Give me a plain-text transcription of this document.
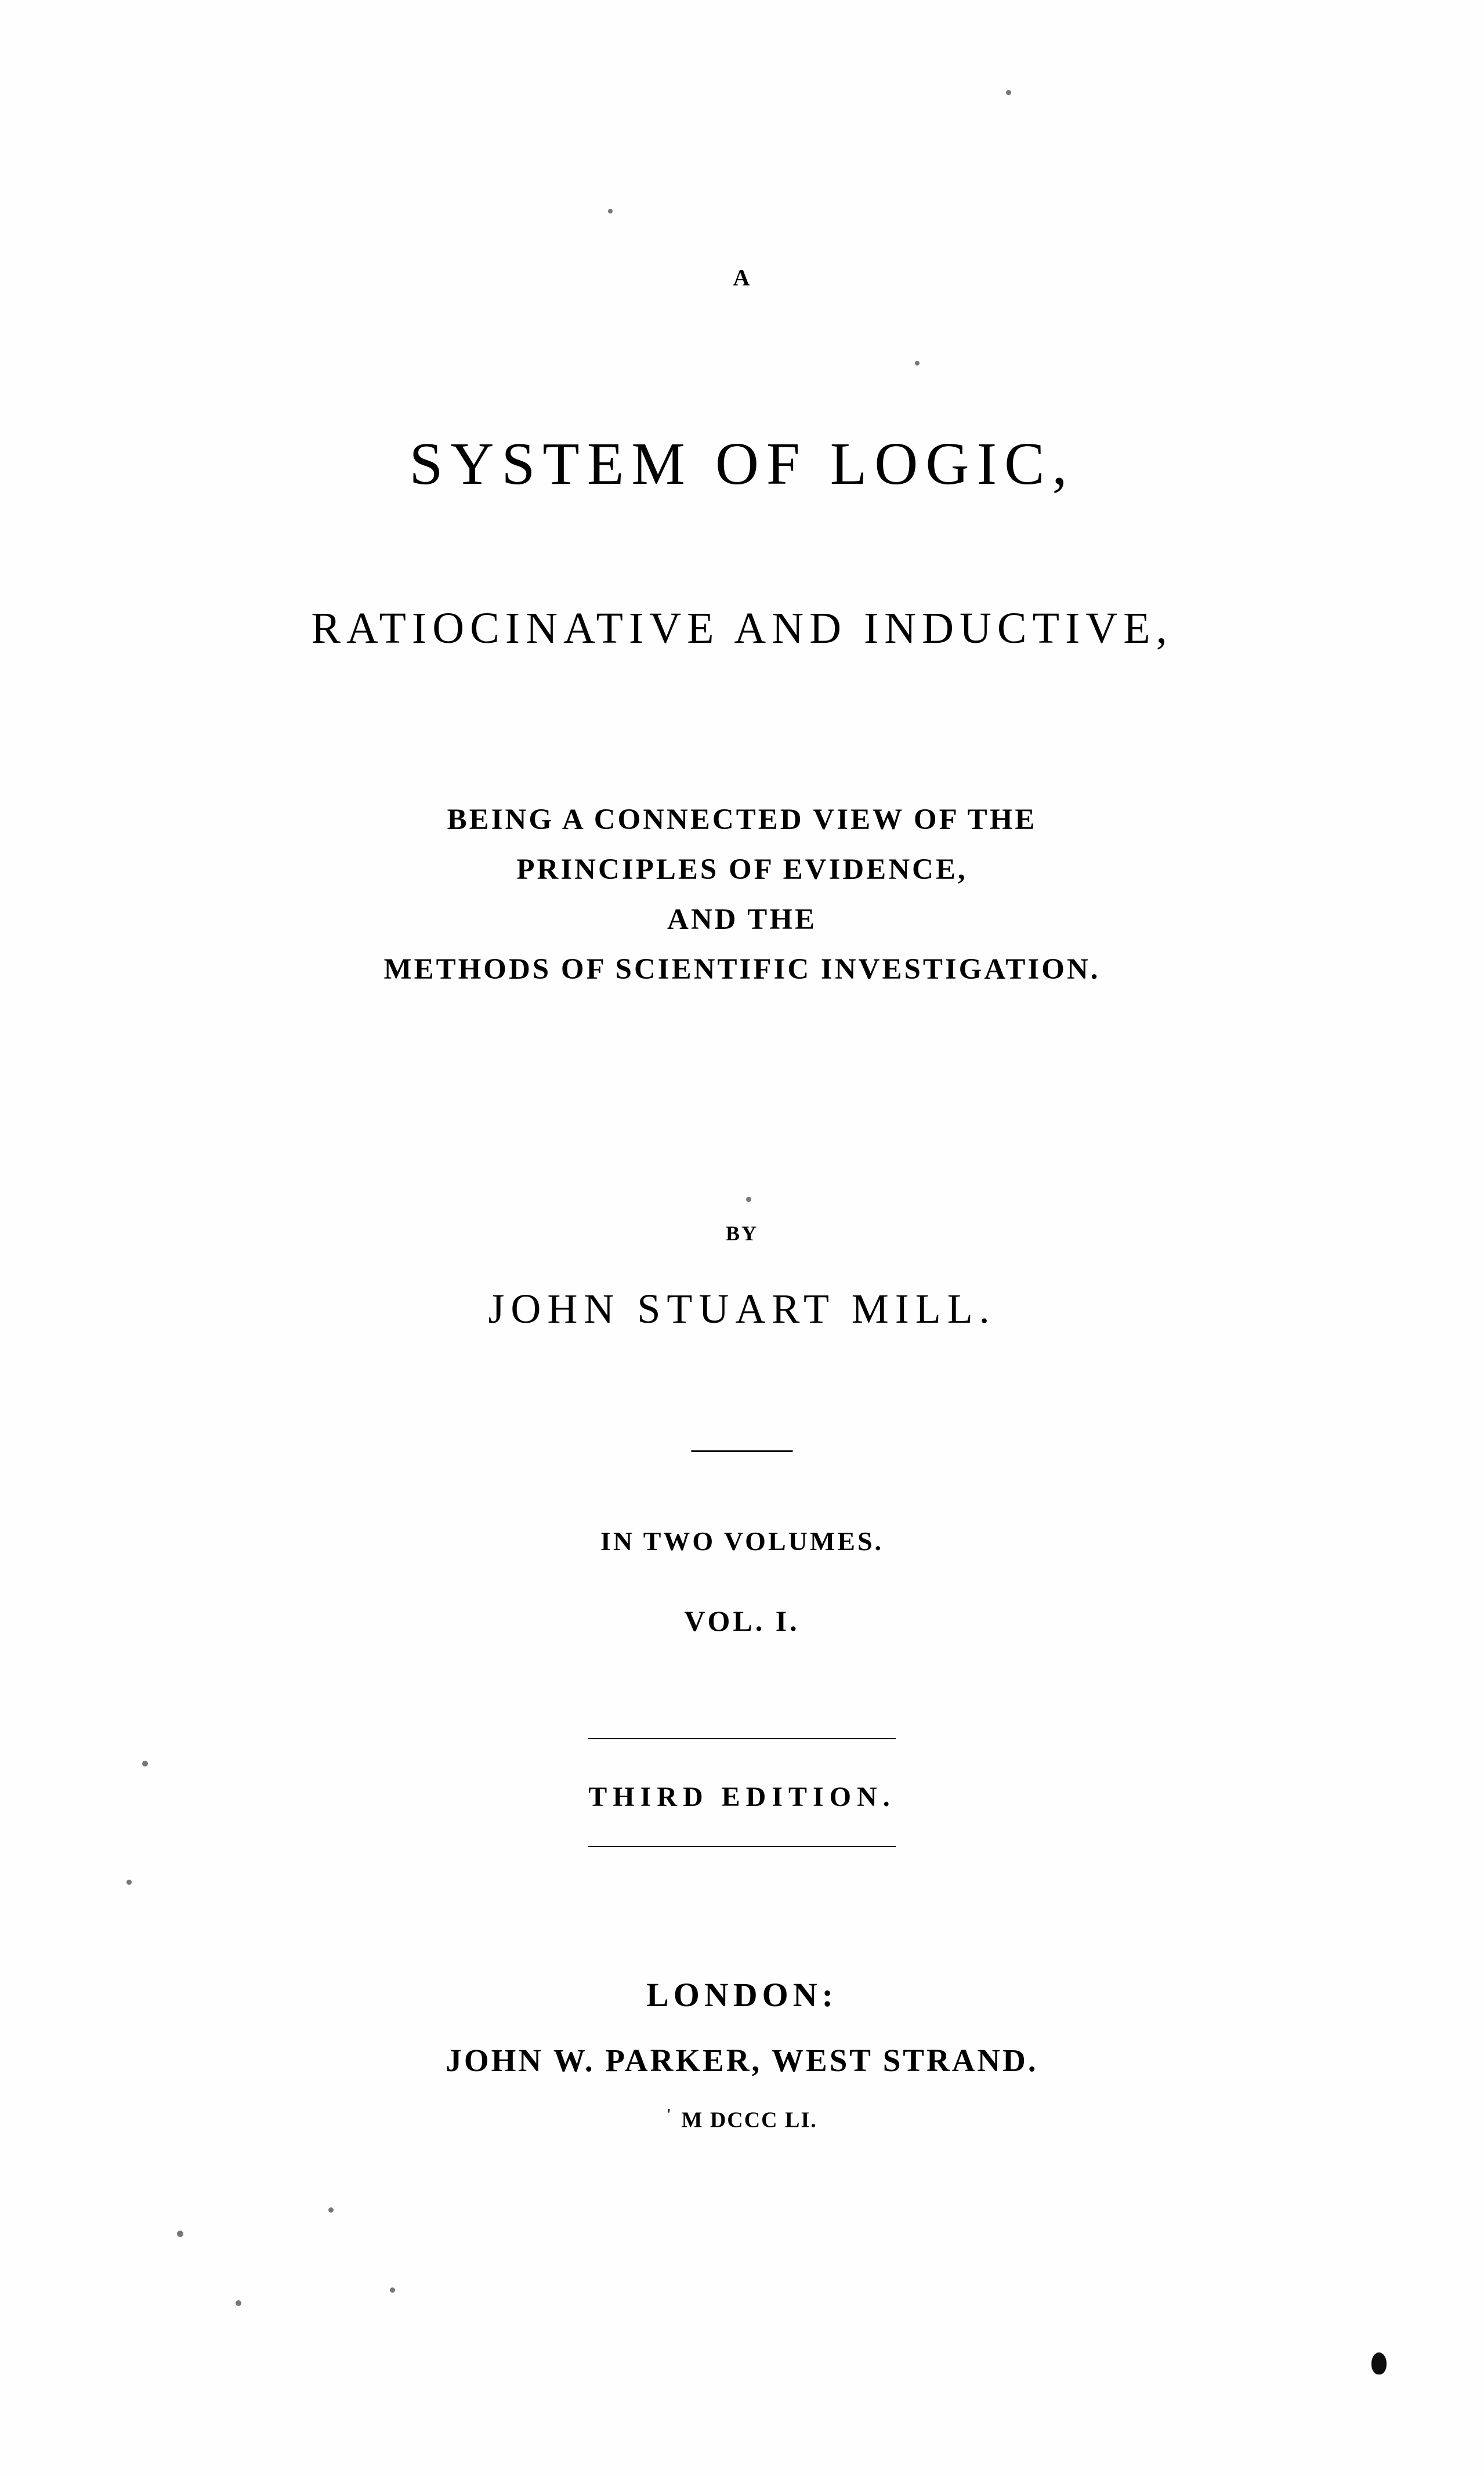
A
SYSTEM OF LOGIC,
RATIOCINATIVE AND INDUCTIVE,
BEING A CONNECTED VIEW OF THE
PRINCIPLES OF EVIDENCE,
AND THE
METHODS OF SCIENTIFIC INVESTIGATION.
BY
JOHN STUART MILL.
IN TWO VOLUMES.
VOL. I.
THIRD EDITION.
LONDON:
JOHN W. PARKER, WEST STRAND.
' M DCCC LI.
